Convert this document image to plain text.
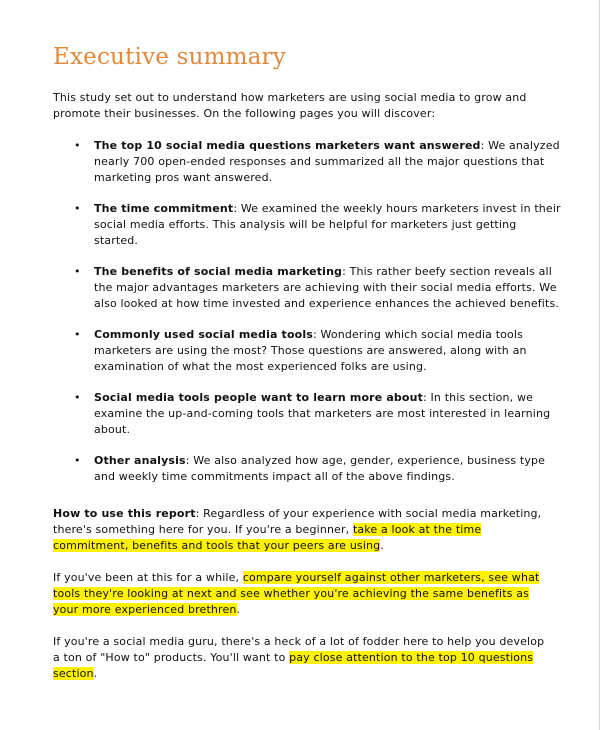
Executive summary

This study set out to understand how marketers are using social media to grow and promote their businesses. On the following pages you will discover:

• The top 10 social media questions marketers want answered: We analyzed nearly 700 open-ended responses and summarized all the major questions that marketing pros want answered.
• The time commitment: We examined the weekly hours marketers invest in their social media efforts. This analysis will be helpful for marketers just getting started.
• The benefits of social media marketing: This rather beefy section reveals all the major advantages marketers are achieving with their social media efforts. We also looked at how time invested and experience enhances the achieved benefits.
• Commonly used social media tools: Wondering which social media tools marketers are using the most? Those questions are answered, along with an examination of what the most experienced folks are using.
• Social media tools people want to learn more about: In this section, we examine the up-and-coming tools that marketers are most interested in learning about.
• Other analysis: We also analyzed how age, gender, experience, business type and weekly time commitments impact all of the above findings.

How to use this report: Regardless of your experience with social media marketing, there's something here for you. If you're a beginner, take a look at the time commitment, benefits and tools that your peers are using.

If you've been at this for a while, compare yourself against other marketers, see what tools they're looking at next and see whether you're achieving the same benefits as your more experienced brethren.

If you're a social media guru, there's a heck of a lot of fodder here to help you develop a ton of "How to" products. You'll want to pay close attention to the top 10 questions section.
